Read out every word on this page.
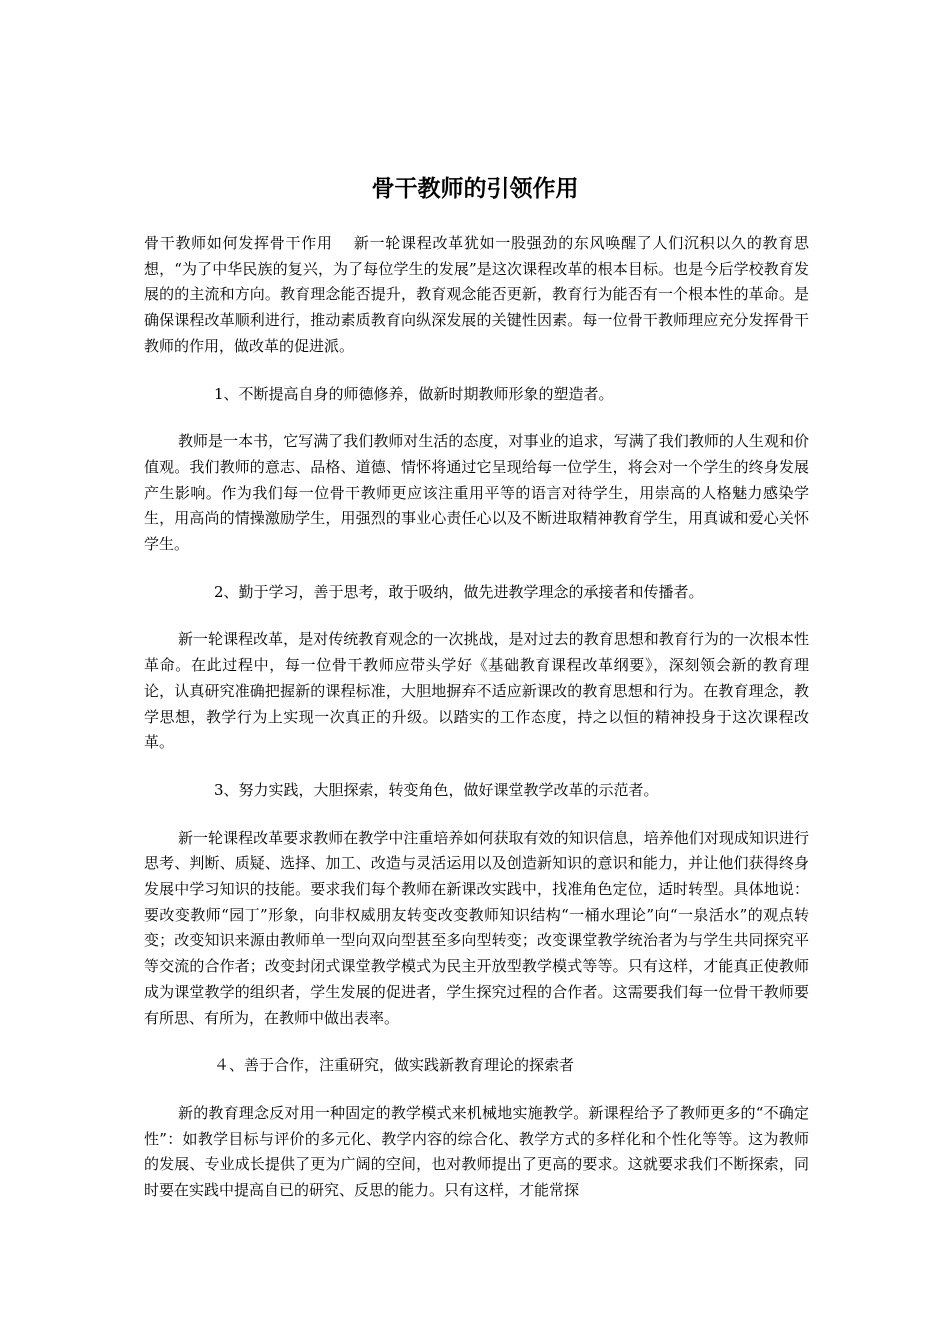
骨干教师的引领作用

骨干教师如何发挥骨干作用　 新一轮课程改革犹如一股强劲的东风唤醒了人们沉积以久的教育思想，“为了中华民族的复兴，为了每位学生的发展”是这次课程改革的根本目标。也是今后学校教育发展的的主流和方向。教育理念能否提升，教育观念能否更新，教育行为能否有一个根本性的革命。是确保课程改革顺利进行，推动素质教育向纵深发展的关键性因素。每一位骨干教师理应充分发挥骨干教师的作用，做改革的促进派。

1、不断提高自身的师德修养，做新时期教师形象的塑造者。

教师是一本书，它写满了我们教师对生活的态度，对事业的追求，写满了我们教师的人生观和价值观。我们教师的意志、品格、道德、情怀将通过它呈现给每一位学生，将会对一个学生的终身发展产生影响。作为我们每一位骨干教师更应该注重用平等的语言对待学生，用崇高的人格魅力感染学生，用高尚的情操激励学生，用强烈的事业心责任心以及不断进取精神教育学生，用真诚和爱心关怀学生。

2、勤于学习，善于思考，敢于吸纳，做先进教学理念的承接者和传播者。

新一轮课程改革，是对传统教育观念的一次挑战，是对过去的教育思想和教育行为的一次根本性革命。在此过程中，每一位骨干教师应带头学好《基础教育课程改革纲要》，深刻领会新的教育理论，认真研究准确把握新的课程标准，大胆地摒弃不适应新课改的教育思想和行为。在教育理念，教学思想，教学行为上实现一次真正的升级。以踏实的工作态度，持之以恒的精神投身于这次课程改革。

3、努力实践，大胆探索，转变角色，做好课堂教学改革的示范者。

新一轮课程改革要求教师在教学中注重培养如何获取有效的知识信息，培养他们对现成知识进行思考、判断、质疑、选择、加工、改造与灵活运用以及创造新知识的意识和能力，并让他们获得终身发展中学习知识的技能。要求我们每个教师在新课改实践中，找准角色定位，适时转型。具体地说：要改变教师“园丁”形象，向非权威朋友转变改变教师知识结构“一桶水理论”向“一泉活水”的观点转变；改变知识来源由教师单一型向双向型甚至多向型转变；改变课堂教学统治者为与学生共同探究平等交流的合作者；改变封闭式课堂教学模式为民主开放型教学模式等等。只有这样，才能真正使教师成为课堂教学的组织者，学生发展的促进者，学生探究过程的合作者。这需要我们每一位骨干教师要有所思、有所为，在教师中做出表率。

４、善于合作，注重研究，做实践新教育理论的探索者

新的教育理念反对用一种固定的教学模式来机械地实施教学。新课程给予了教师更多的“不确定性”：如教学目标与评价的多元化、教学内容的综合化、教学方式的多样化和个性化等等。这为教师的发展、专业成长提供了更为广阔的空间，也对教师提出了更高的要求。这就要求我们不断探索，同时要在实践中提高自已的研究、反思的能力。只有这样，才能常探
